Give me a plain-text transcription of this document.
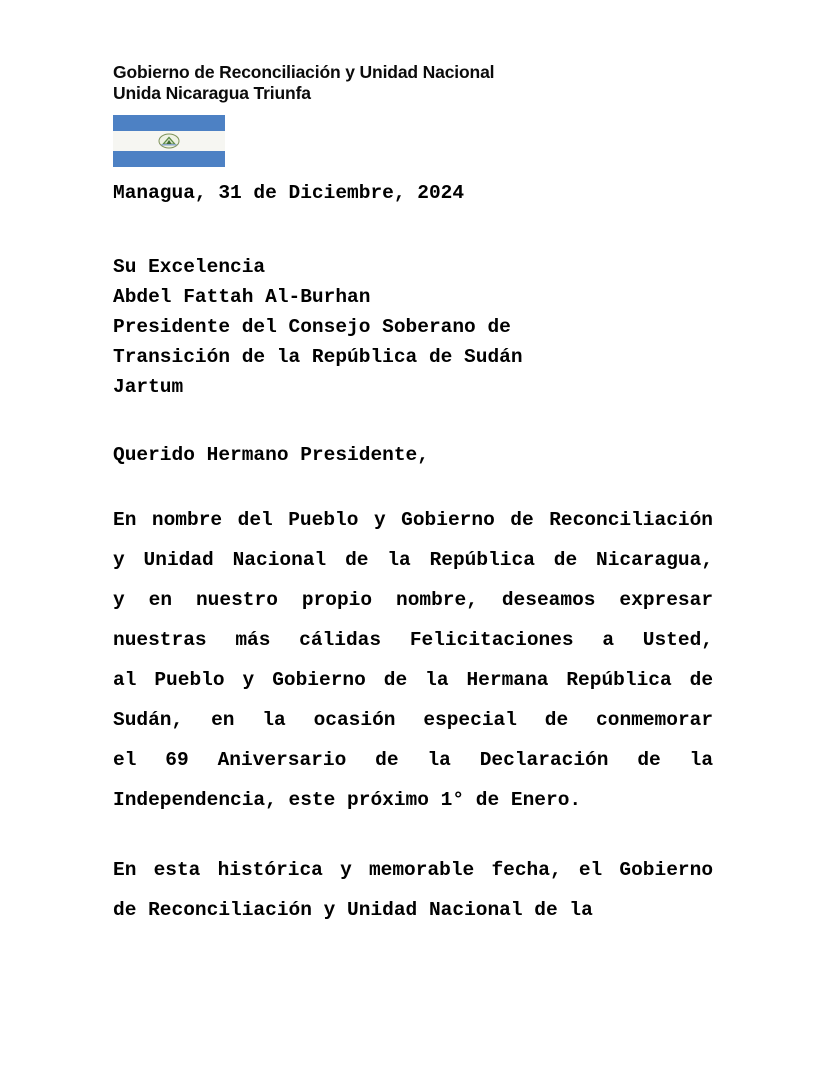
Gobierno de Reconciliación y Unidad Nacional
Unida Nicaragua Triunfa
Managua, 31 de Diciembre, 2024
Su Excelencia
Abdel Fattah Al-Burhan
Presidente del Consejo Soberano de
Transición de la República de Sudán
Jartum
Querido Hermano Presidente,
En nombre del Pueblo y Gobierno de Reconciliación
y Unidad Nacional de la República de Nicaragua,
y en nuestro propio nombre, deseamos expresar
nuestras más cálidas Felicitaciones a Usted,
al Pueblo y Gobierno de la Hermana República de
Sudán, en la ocasión especial de conmemorar
el 69 Aniversario de la Declaración de la
Independencia, este próximo 1° de Enero.
En esta histórica y memorable fecha, el Gobierno
de Reconciliación y Unidad Nacional de la
